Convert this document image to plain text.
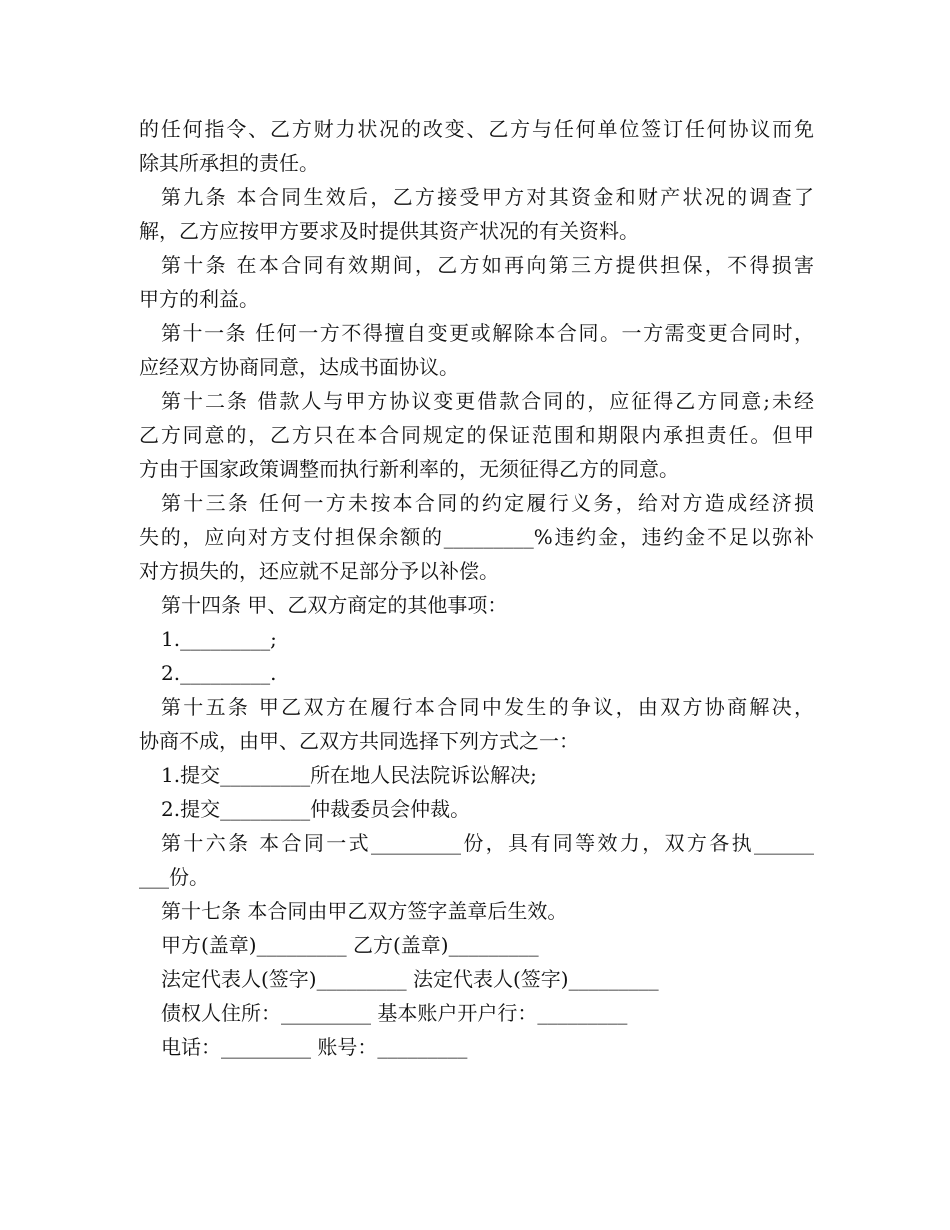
的任何指令、乙方财力状况的改变、乙方与任何单位签订任何协议而免
除其所承担的责任。
第九条 本合同生效后，乙方接受甲方对其资金和财产状况的调查了
解，乙方应按甲方要求及时提供其资产状况的有关资料。
第十条 在本合同有效期间，乙方如再向第三方提供担保，不得损害
甲方的利益。
第十一条 任何一方不得擅自变更或解除本合同。一方需变更合同时，
应经双方协商同意，达成书面协议。
第十二条 借款人与甲方协议变更借款合同的，应征得乙方同意;未经
乙方同意的，乙方只在本合同规定的保证范围和期限内承担责任。但甲
方由于国家政策调整而执行新利率的，无须征得乙方的同意。
第十三条 任何一方未按本合同的约定履行义务，给对方造成经济损
失的，应向对方支付担保余额的_________%违约金，违约金不足以弥补
对方损失的，还应就不足部分予以补偿。
第十四条 甲、乙双方商定的其他事项：
1._________;
2._________.
第十五条 甲乙双方在履行本合同中发生的争议，由双方协商解决，
协商不成，由甲、乙双方共同选择下列方式之一：
1.提交_________所在地人民法院诉讼解决;
2.提交_________仲裁委员会仲裁。
第十六条 本合同一式_________份，具有同等效力，双方各执______
___份。
第十七条 本合同由甲乙双方签字盖章后生效。
甲方(盖章)_________ 乙方(盖章)_________
法定代表人(签字)_________ 法定代表人(签字)_________
债权人住所：_________ 基本账户开户行：_________
电话：_________ 账号：_________
